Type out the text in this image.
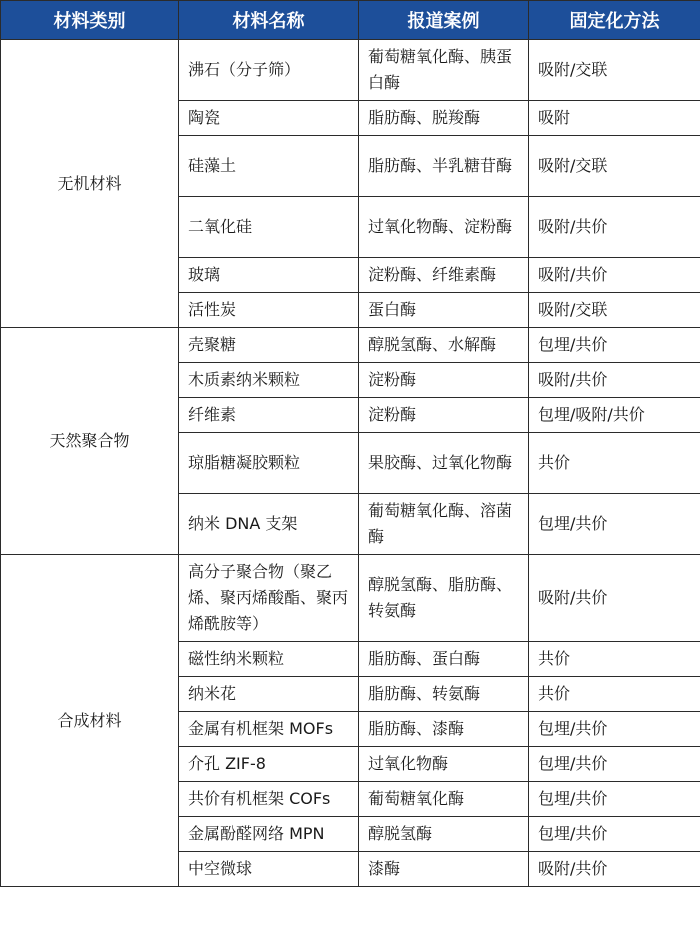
材料类别	材料名称	报道案例	固定化方法
无机材料	沸石（分子筛）	葡萄糖氧化酶、胰蛋白酶	吸附/交联
	陶瓷	脂肪酶、脱羧酶	吸附
	硅藻土	脂肪酶、半乳糖苷酶	吸附/交联
	二氧化硅	过氧化物酶、淀粉酶	吸附/共价
	玻璃	淀粉酶、纤维素酶	吸附/共价
	活性炭	蛋白酶	吸附/交联
天然聚合物	壳聚糖	醇脱氢酶、水解酶	包埋/共价
	木质素纳米颗粒	淀粉酶	吸附/共价
	纤维素	淀粉酶	包埋/吸附/共价
	琼脂糖凝胶颗粒	果胶酶、过氧化物酶	共价
	纳米 DNA 支架	葡萄糖氧化酶、溶菌酶	包埋/共价
合成材料	高分子聚合物（聚乙烯、聚丙烯酸酯、聚丙烯酰胺等）	醇脱氢酶、脂肪酶、转氨酶	吸附/共价
	磁性纳米颗粒	脂肪酶、蛋白酶	共价
	纳米花	脂肪酶、转氨酶	共价
	金属有机框架 MOFs	脂肪酶、漆酶	包埋/共价
	介孔 ZIF-8	过氧化物酶	包埋/共价
	共价有机框架 COFs	葡萄糖氧化酶	包埋/共价
	金属酚醛网络 MPN	醇脱氢酶	包埋/共价
	中空微球	漆酶	吸附/共价
